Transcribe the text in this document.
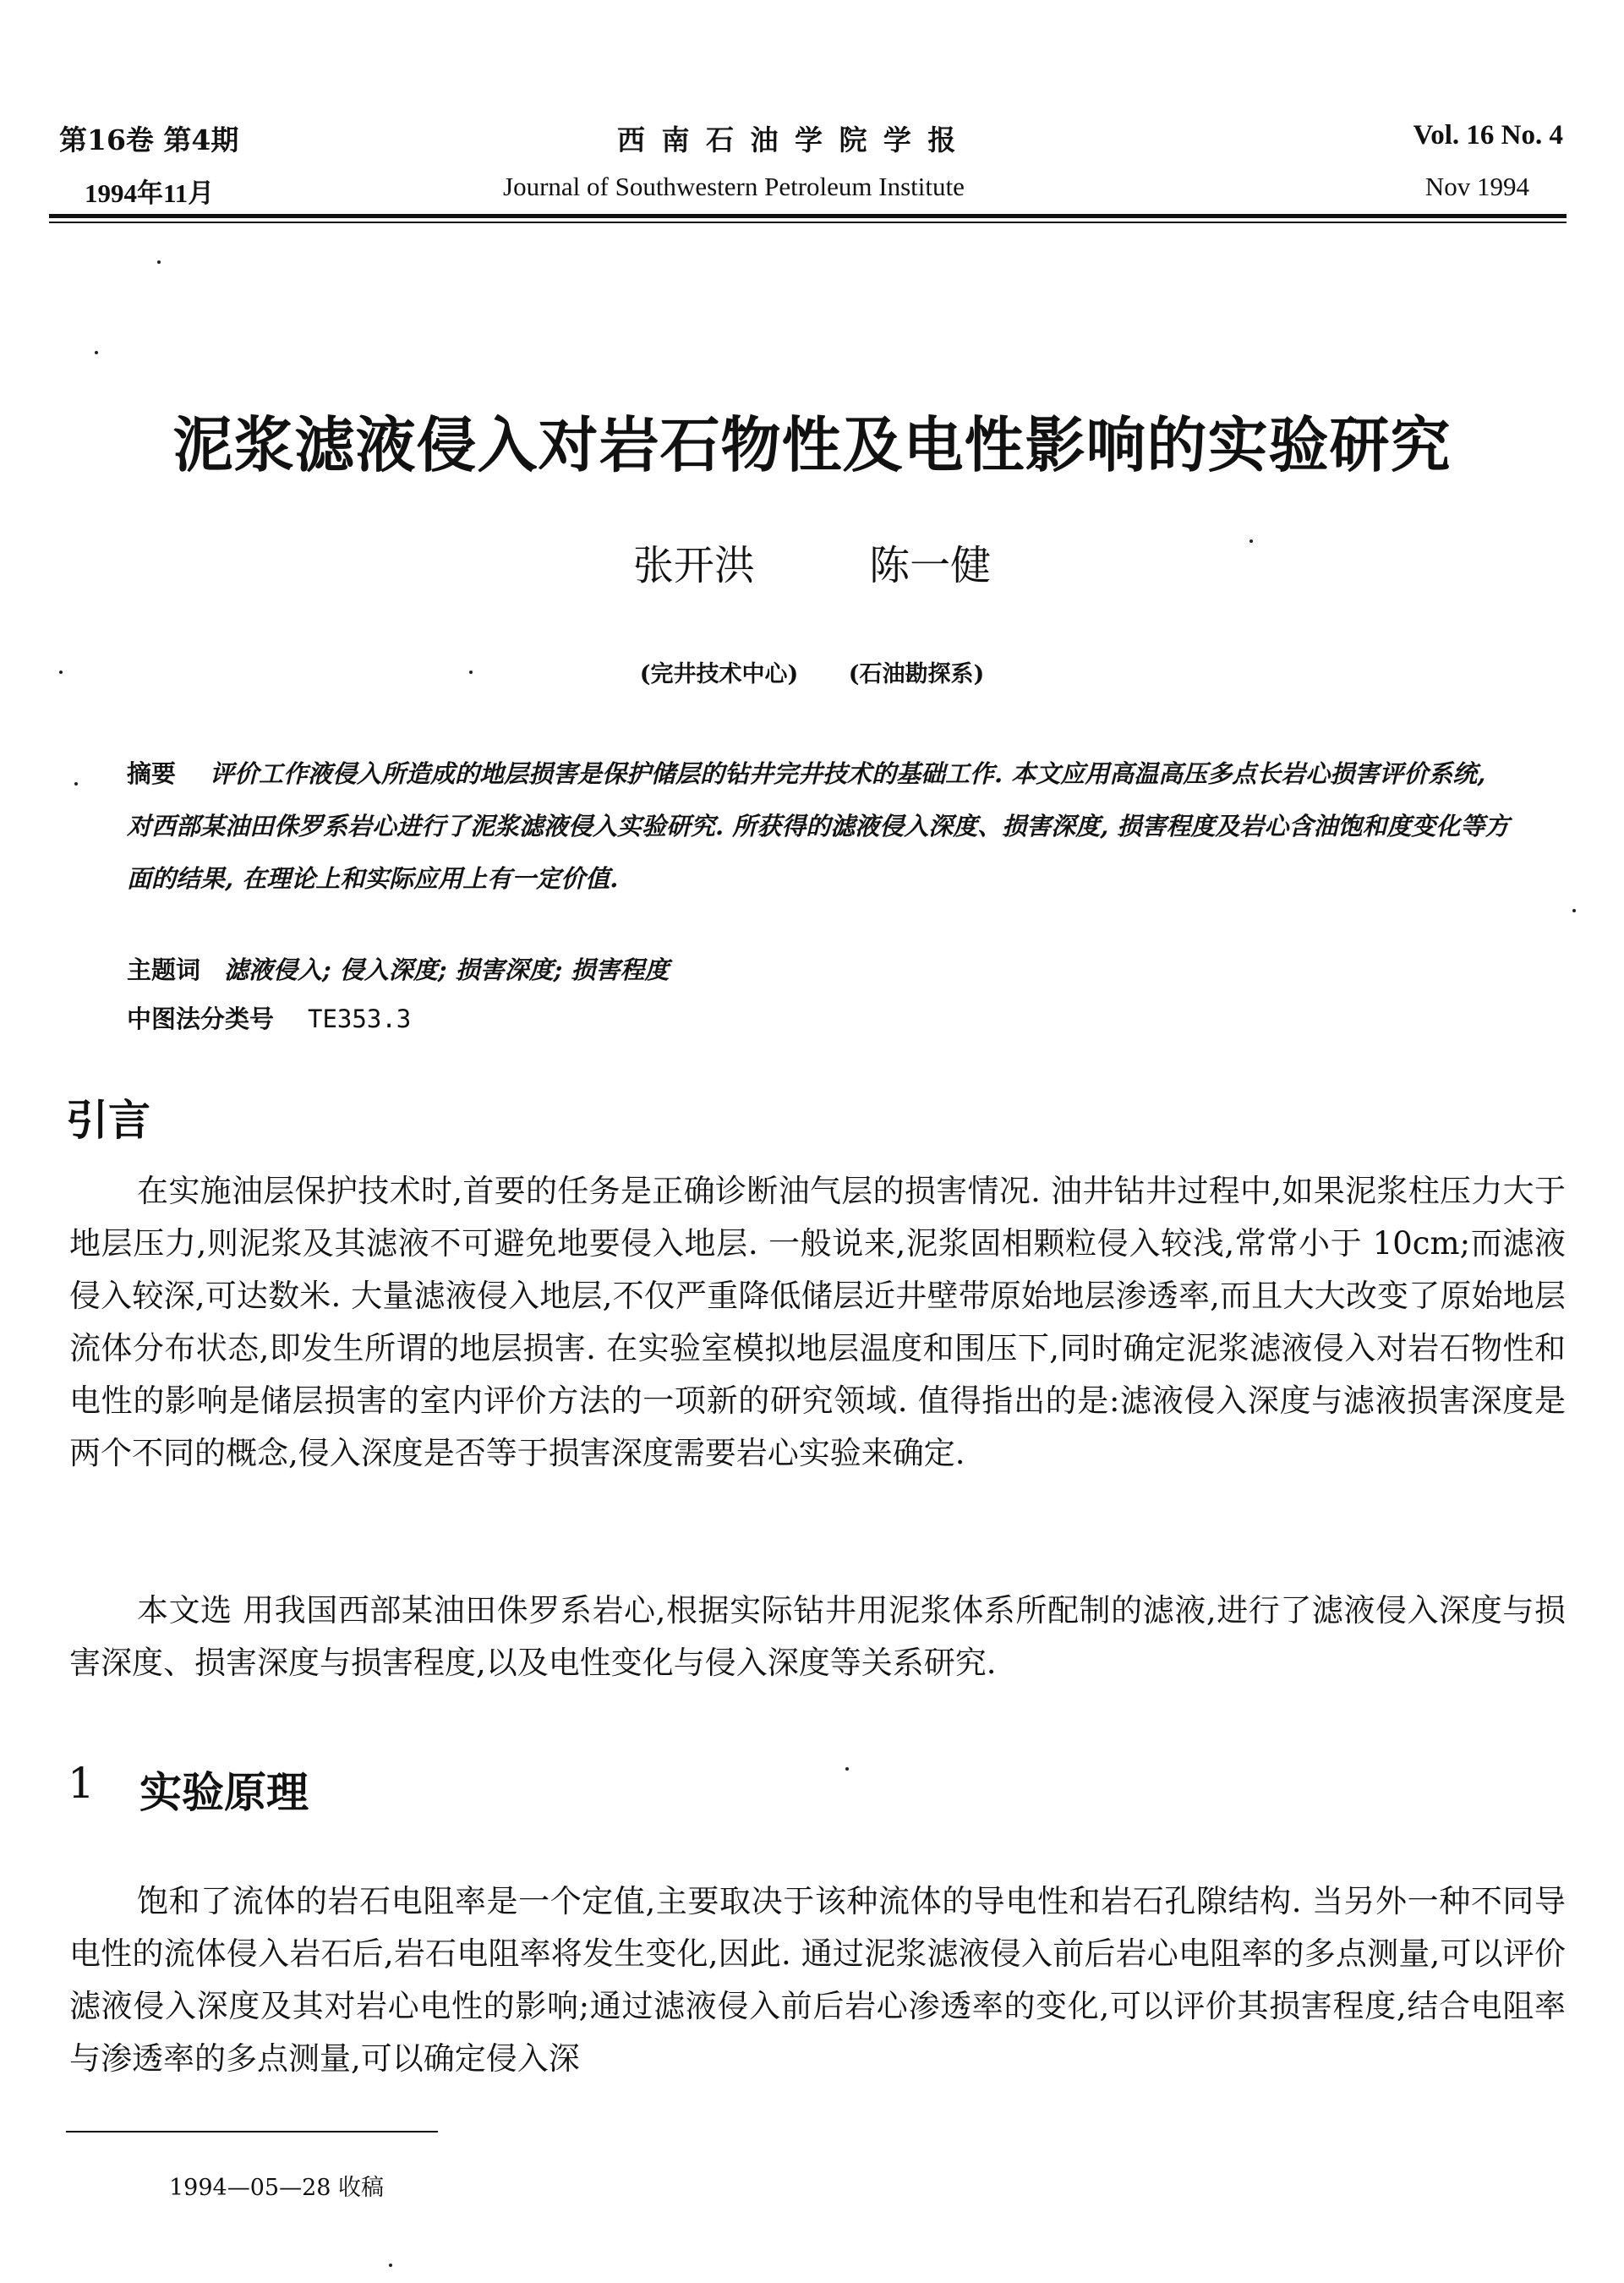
第16卷 第4期	西 南 石 油 学 院 学 报	Vol. 16 No. 4
1994年11月	Journal of Southwestern Petroleum Institute	Nov 1994
泥浆滤液侵入对岩石物性及电性影响的实验研究
张开洪	陈一健
(完井技术中心) (石油勘探系)
摘要 评价工作液侵入所造成的地层损害是保护储层的钻井完井技术的基础工作. 本文应用高温高压多点长岩心损害评价系统, 对西部某油田侏罗系岩心进行了泥浆滤液侵入实验研究. 所获得的滤液侵入深度、损害深度, 损害程度及岩心含油饱和度变化等方面的结果, 在理论上和实际应用上有一定价值.
主题词 滤液侵入; 侵入深度; 损害深度; 损害程度
中图法分类号 TE353.3
引言
在实施油层保护技术时,首要的任务是正确诊断油气层的损害情况. 油井钻井过程中,如果泥浆柱压力大于地层压力,则泥浆及其滤液不可避免地要侵入地层. 一般说来,泥浆固相颗粒侵入较浅,常常小于 10cm;而滤液侵入较深,可达数米. 大量滤液侵入地层,不仅严重降低储层近井壁带原始地层渗透率,而且大大改变了原始地层流体分布状态,即发生所谓的地层损害. 在实验室模拟地层温度和围压下,同时确定泥浆滤液侵入对岩石物性和电性的影响是储层损害的室内评价方法的一项新的研究领域. 值得指出的是:滤液侵入深度与滤液损害深度是两个不同的概念,侵入深度是否等于损害深度需要岩心实验来确定.
本文选 用我国西部某油田侏罗系岩心,根据实际钻井用泥浆体系所配制的滤液,进行了滤液侵入深度与损害深度、损害深度与损害程度,以及电性变化与侵入深度等关系研究.
1 实验原理
饱和了流体的岩石电阻率是一个定值,主要取决于该种流体的导电性和岩石孔隙结构. 当另外一种不同导电性的流体侵入岩石后,岩石电阻率将发生变化,因此. 通过泥浆滤液侵入前后岩心电阻率的多点测量,可以评价滤液侵入深度及其对岩心电性的影响;通过滤液侵入前后岩心渗透率的变化,可以评价其损害程度,结合电阻率与渗透率的多点测量,可以确定侵入深
1994—05—28 收稿
